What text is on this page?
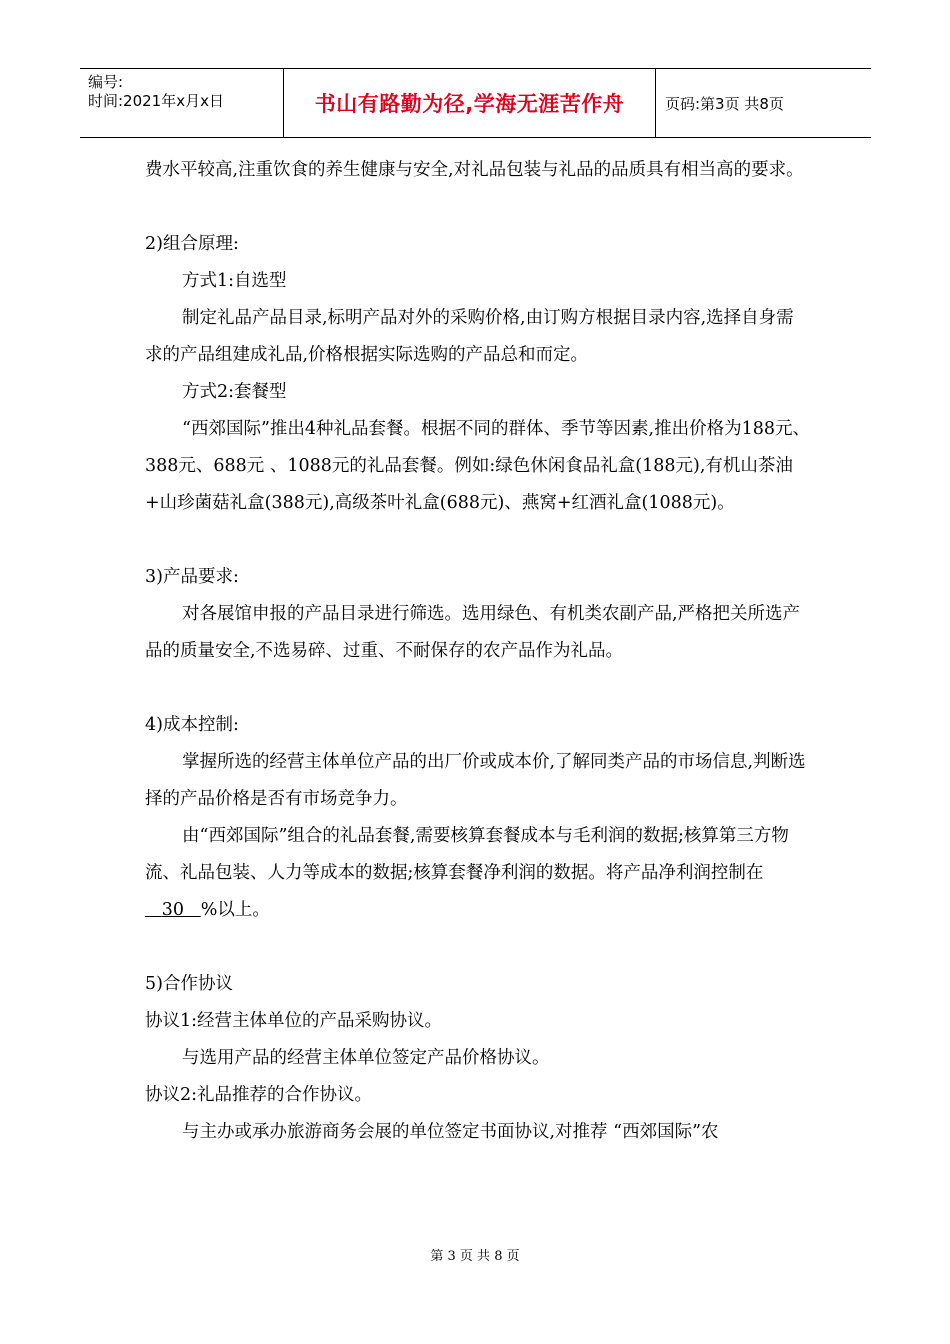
编号:
时间:2021年x月x日	书山有路勤为径,学海无涯苦作舟	页码:第3页 共8页

费水平较高,注重饮食的养生健康与安全,对礼品包装与礼品的品质具有相当高的要求。

2)组合原理:

方式1:自选型

制定礼品产品目录,标明产品对外的采购价格,由订购方根据目录内容,选择自身需求的产品组建成礼品,价格根据实际选购的产品总和而定。

方式2:套餐型

“西郊国际”推出4种礼品套餐。根据不同的群体、季节等因素,推出价格为188元、388元、688元 、1088元的礼品套餐。例如:绿色休闲食品礼盒(188元),有机山茶油+山珍菌菇礼盒(388元),高级茶叶礼盒(688元)、燕窝+红酒礼盒(1088元)。

3)产品要求:

对各展馆申报的产品目录进行筛选。选用绿色、有机类农副产品,严格把关所选产品的质量安全,不选易碎、过重、不耐保存的农产品作为礼品。

4)成本控制:

掌握所选的经营主体单位产品的出厂价或成本价,了解同类产品的市场信息,判断选择的产品价格是否有市场竞争力。

由“西郊国际”组合的礼品套餐,需要核算套餐成本与毛利润的数据;核算第三方物流、礼品包装、人力等成本的数据;核算套餐净利润的数据。将产品净利润控制在   30 %以上。

5)合作协议

协议1:经营主体单位的产品采购协议。

与选用产品的经营主体单位签定产品价格协议。

协议2:礼品推荐的合作协议。

与主办或承办旅游商务会展的单位签定书面协议,对推荐 “西郊国际”农

第 3 页 共 8 页
